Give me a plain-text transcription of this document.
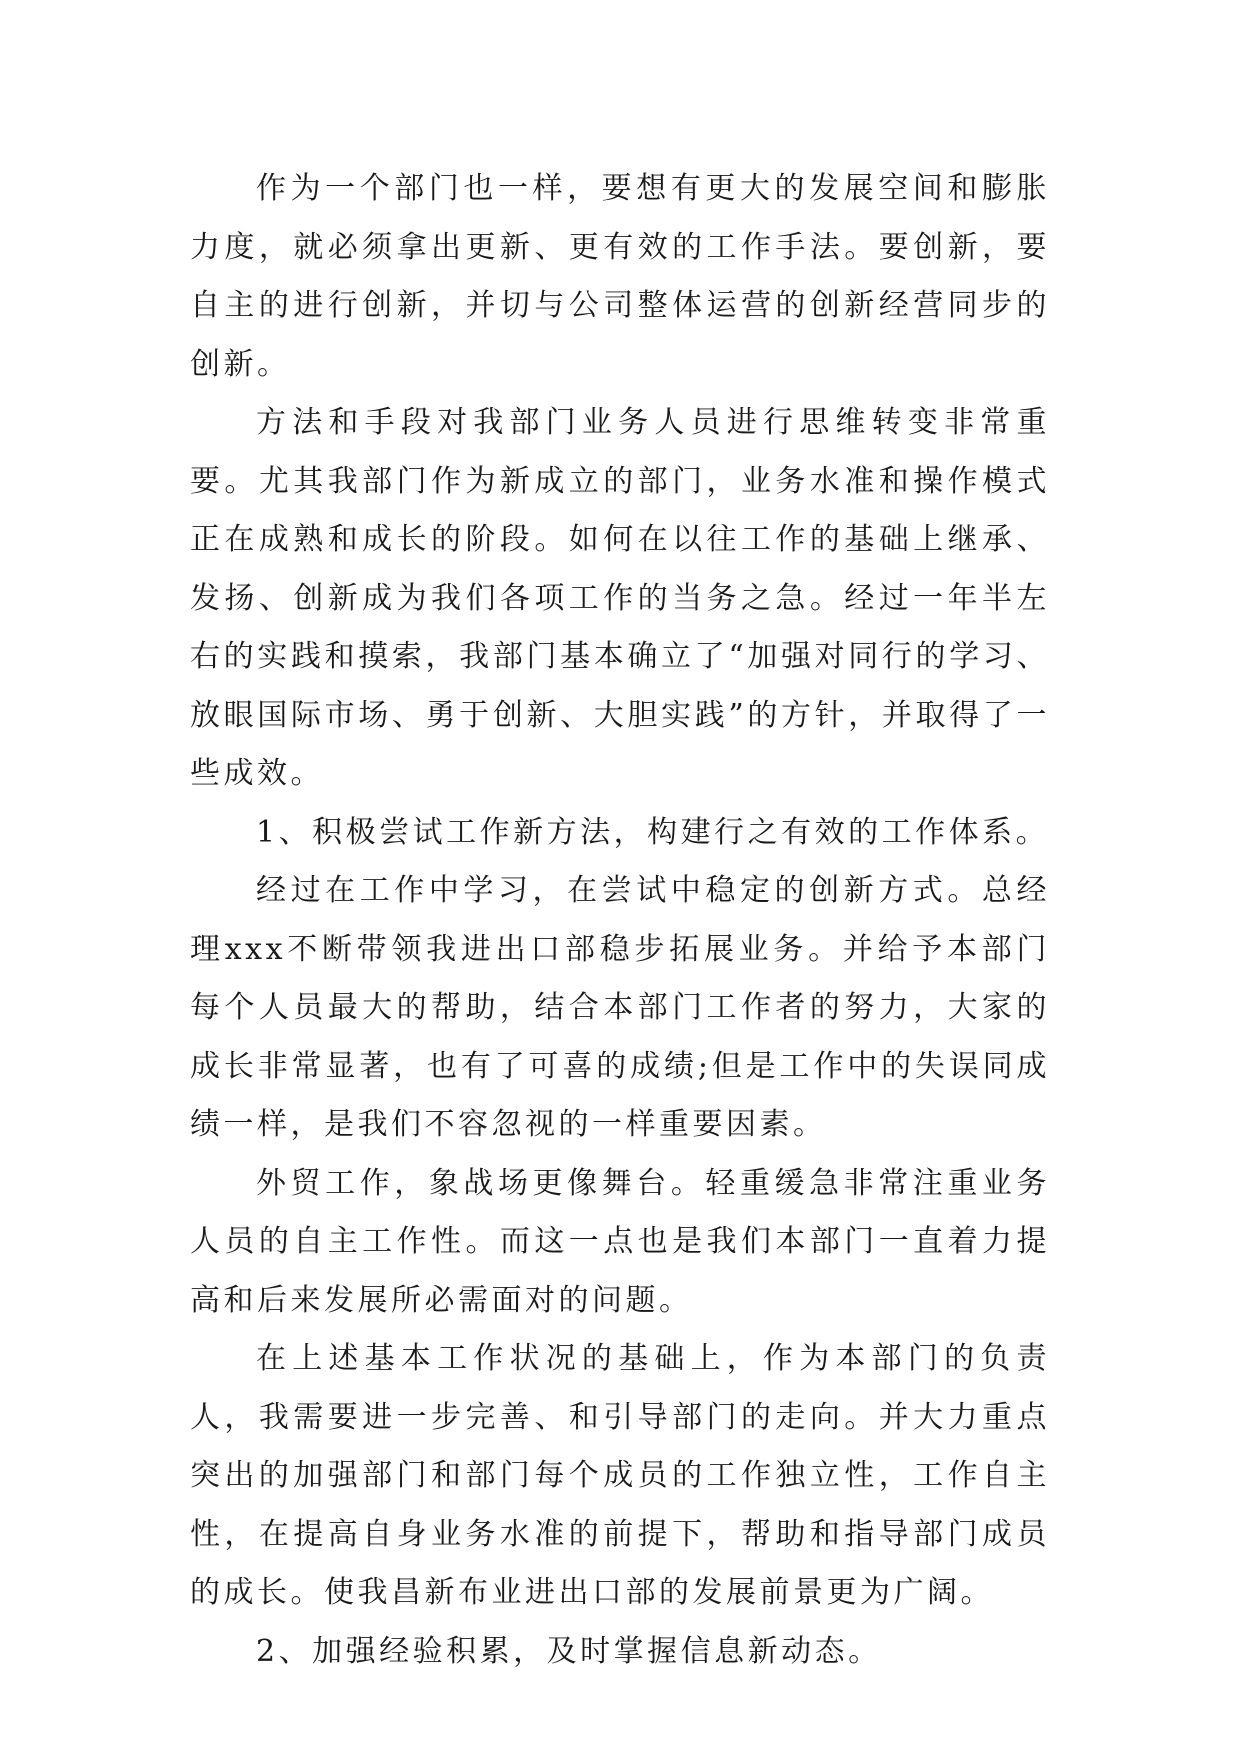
作为一个部门也一样，要想有更大的发展空间和膨胀力度，就必须拿出更新、更有效的工作手法。要创新，要自主的进行创新，并切与公司整体运营的创新经营同步的创新。

方法和手段对我部门业务人员进行思维转变非常重要。尤其我部门作为新成立的部门，业务水准和操作模式正在成熟和成长的阶段。如何在以往工作的基础上继承、发扬、创新成为我们各项工作的当务之急。经过一年半左右的实践和摸索，我部门基本确立了“加强对同行的学习、放眼国际市场、勇于创新、大胆实践”的方针，并取得了一些成效。

1、积极尝试工作新方法，构建行之有效的工作体系。

经过在工作中学习，在尝试中稳定的创新方式。总经理xxx不断带领我进出口部稳步拓展业务。并给予本部门每个人员最大的帮助，结合本部门工作者的努力，大家的成长非常显著，也有了可喜的成绩;但是工作中的失误同成绩一样，是我们不容忽视的一样重要因素。

外贸工作，象战场更像舞台。轻重缓急非常注重业务人员的自主工作性。而这一点也是我们本部门一直着力提高和后来发展所必需面对的问题。

在上述基本工作状况的基础上，作为本部门的负责人，我需要进一步完善、和引导部门的走向。并大力重点突出的加强部门和部门每个成员的工作独立性，工作自主性，在提高自身业务水准的前提下，帮助和指导部门成员的成长。使我昌新布业进出口部的发展前景更为广阔。

2、加强经验积累，及时掌握信息新动态。
